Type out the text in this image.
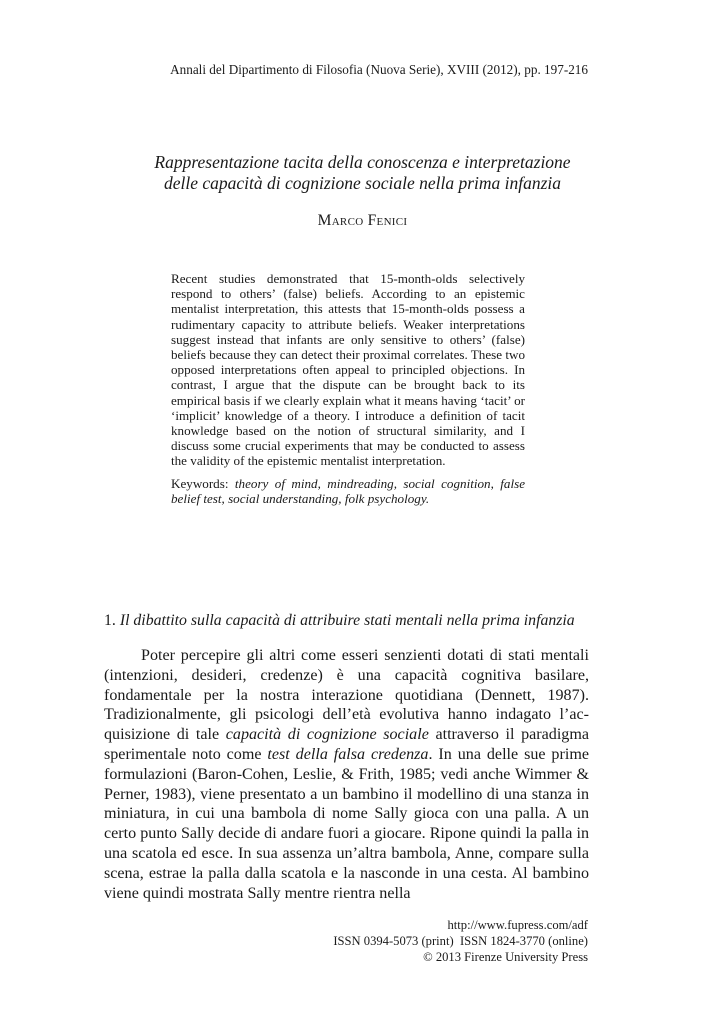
Annali del Dipartimento di Filosofia (Nuova Serie), XVIII (2012), pp. 197-216
Rappresentazione tacita della conoscenza e interpretazione
delle capacità di cognizione sociale nella prima infanzia
Marco Fenici

Recent studies demonstrated that 15-month-olds selectively respond to others’ (false) beliefs. According to an epistemic mentalist interpretation, this attests that 15-month-olds possess a rudimentary capacity to attribute beliefs. Weaker interpretations suggest instead that infants are only sensitive to others’ (false) beliefs because they can detect their proximal correlates. These two opposed interpretations often appeal to principled objections. In contrast, I argue that the dispute can be brought back to its empirical basis if we clearly explain what it means having ‘tacit’ or ‘implicit’ knowledge of a theory. I introduce a definition of tacit knowledge based on the notion of structural similarity, and I discuss some crucial experiments that may be conducted to assess the validity of the epistemic mentalist interpretation.

Keywords: theory of mind, mindreading, social cognition, false belief test, social understanding, folk psychology.

1. Il dibattito sulla capacità di attribuire stati mentali nella prima infanzia

Poter percepire gli altri come esseri senzienti dotati di stati mentali (intenzioni, desideri, credenze) è una capacità cognitiva basilare, fondamentale per la nostra interazione quotidiana (Dennett, 1987). Tradizionalmente, gli psicologi dell’età evolutiva hanno indagato l’acquisizione di tale capacità di cognizione sociale attraverso il paradigma sperimentale noto come test della falsa credenza. In una delle sue prime formulazioni (Baron-Cohen, Leslie, & Frith, 1985; vedi anche Wimmer & Perner, 1983), viene presentato a un bambino il modellino di una stanza in miniatura, in cui una bambola di nome Sally gioca con una palla. A un certo punto Sally decide di andare fuori a giocare. Ripone quindi la palla in una scatola ed esce. In sua assenza un’altra bambola, Anne, compare sulla scena, estrae la palla dalla scatola e la nasconde in una cesta. Al bambino viene quindi mostrata Sally mentre rientra nella

http://www.fupress.com/adf
ISSN 0394-5073 (print)  ISSN 1824-3770 (online)
© 2013 Firenze University Press
